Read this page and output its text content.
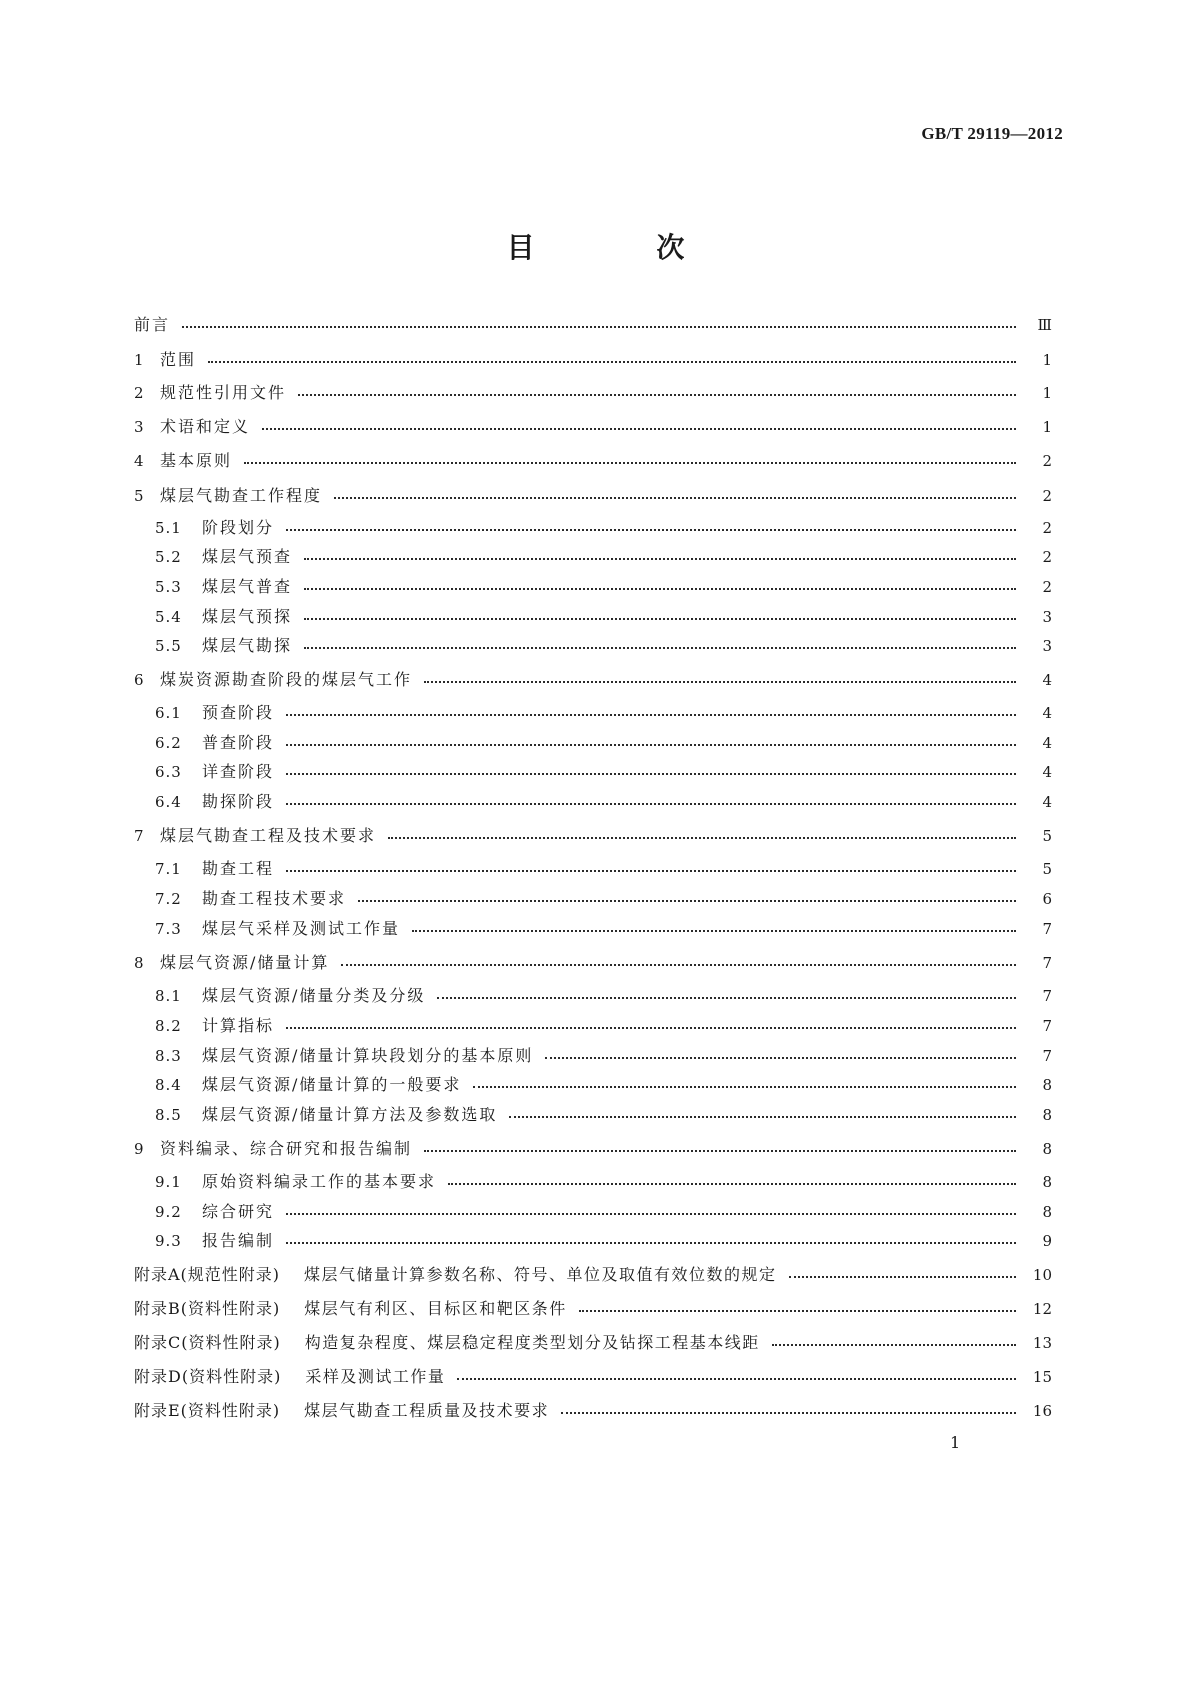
GB/T 29119—2012
目 次
前言	Ⅲ
1	范围	1
2	规范性引用文件	1
3	术语和定义	1
4	基本原则	2
5	煤层气勘查工作程度	2
5.1	阶段划分	2
5.2	煤层气预查	2
5.3	煤层气普查	2
5.4	煤层气预探	3
5.5	煤层气勘探	3
6	煤炭资源勘查阶段的煤层气工作	4
6.1	预查阶段	4
6.2	普查阶段	4
6.3	详查阶段	4
6.4	勘探阶段	4
7	煤层气勘查工程及技术要求	5
7.1	勘查工程	5
7.2	勘查工程技术要求	6
7.3	煤层气采样及测试工作量	7
8	煤层气资源/储量计算	7
8.1	煤层气资源/储量分类及分级	7
8.2	计算指标	7
8.3	煤层气资源/储量计算块段划分的基本原则	7
8.4	煤层气资源/储量计算的一般要求	8
8.5	煤层气资源/储量计算方法及参数选取	8
9	资料编录、综合研究和报告编制	8
9.1	原始资料编录工作的基本要求	8
9.2	综合研究	8
9.3	报告编制	9
附录A(规范性附录) 煤层气储量计算参数名称、符号、单位及取值有效位数的规定	10
附录B(资料性附录) 煤层气有利区、目标区和靶区条件	12
附录C(资料性附录) 构造复杂程度、煤层稳定程度类型划分及钻探工程基本线距	13
附录D(资料性附录) 采样及测试工作量	15
附录E(资料性附录) 煤层气勘查工程质量及技术要求	16
1
